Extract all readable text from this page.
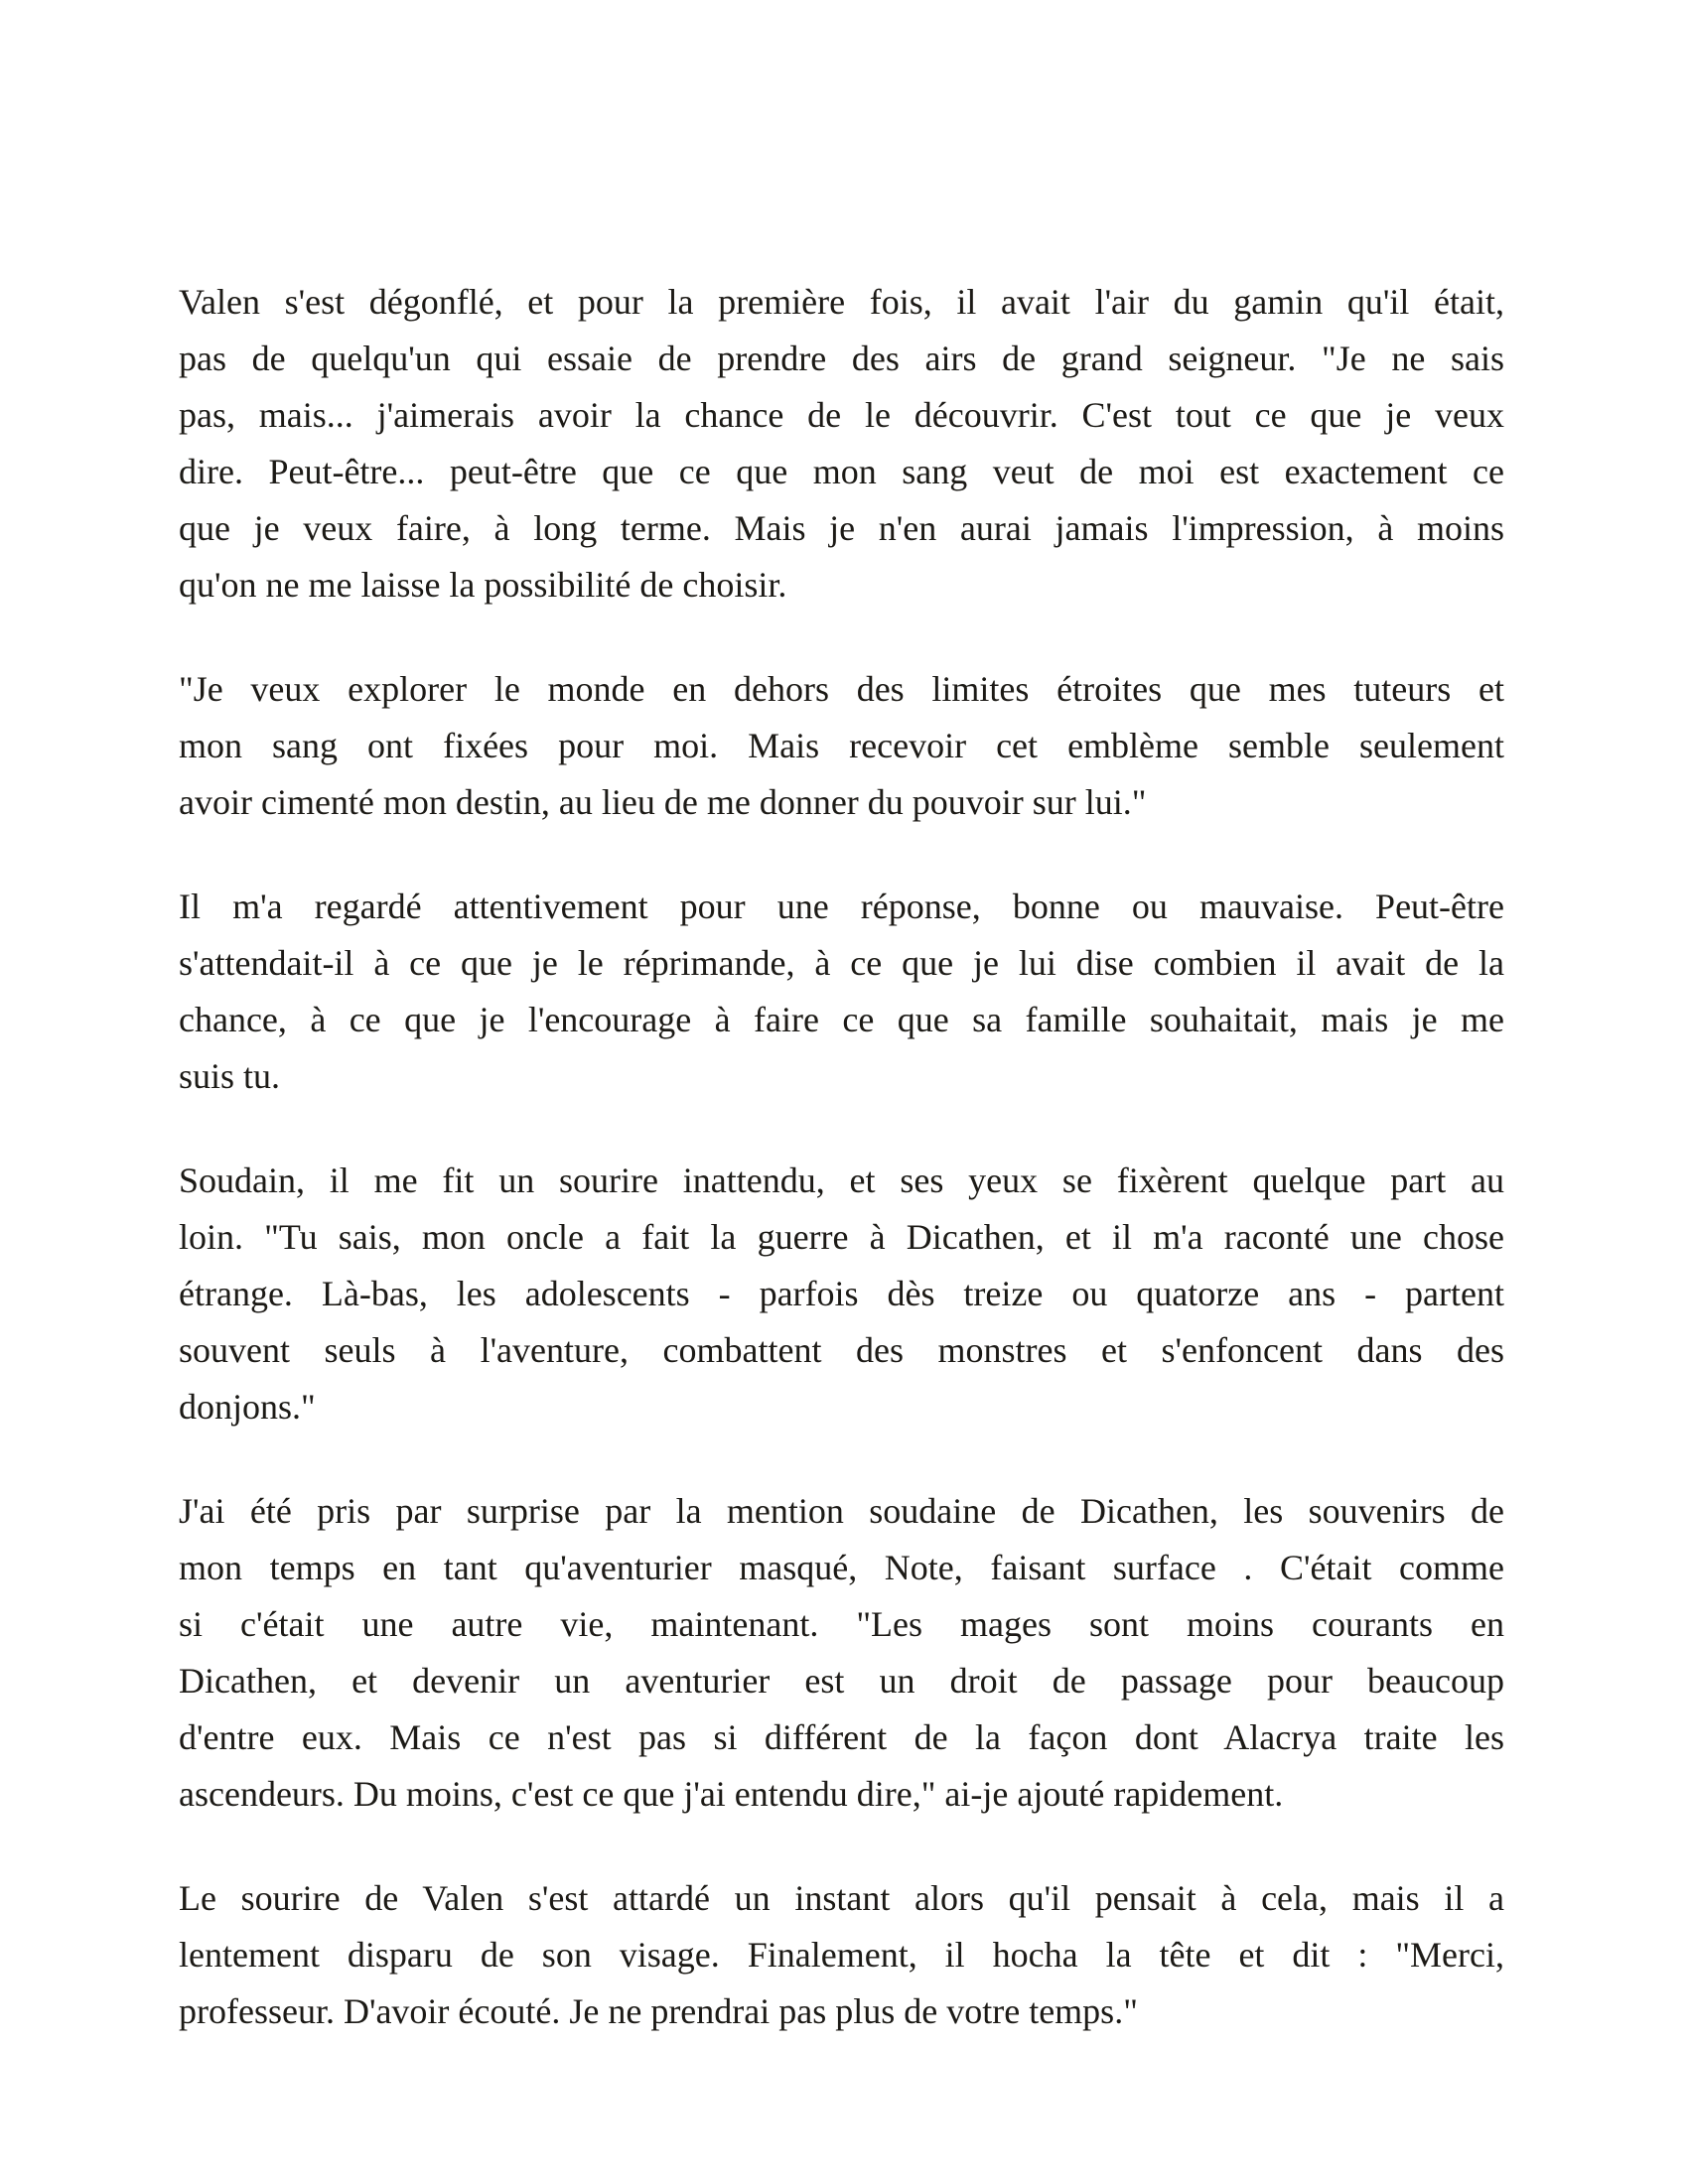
Valen s'est dégonflé, et pour la première fois, il avait l'air du gamin qu'il était,
pas de quelqu'un qui essaie de prendre des airs de grand seigneur. "Je ne sais
pas, mais... j'aimerais avoir la chance de le découvrir. C'est tout ce que je veux
dire. Peut-être... peut-être que ce que mon sang veut de moi est exactement ce
que je veux faire, à long terme. Mais je n'en aurai jamais l'impression, à moins
qu'on ne me laisse la possibilité de choisir.
"Je veux explorer le monde en dehors des limites étroites que mes tuteurs et
mon sang ont fixées pour moi. Mais recevoir cet emblème semble seulement
avoir cimenté mon destin, au lieu de me donner du pouvoir sur lui."
Il m'a regardé attentivement pour une réponse, bonne ou mauvaise. Peut-être
s'attendait-il à ce que je le réprimande, à ce que je lui dise combien il avait de la
chance, à ce que je l'encourage à faire ce que sa famille souhaitait, mais je me
suis tu.
Soudain, il me fit un sourire inattendu, et ses yeux se fixèrent quelque part au
loin. "Tu sais, mon oncle a fait la guerre à Dicathen, et il m'a raconté une chose
étrange. Là-bas, les adolescents - parfois dès treize ou quatorze ans - partent
souvent seuls à l'aventure, combattent des monstres et s'enfoncent dans des
donjons."
J'ai été pris par surprise par la mention soudaine de Dicathen, les souvenirs de
mon temps en tant qu'aventurier masqué, Note, faisant surface . C'était comme
si c'était une autre vie, maintenant. "Les mages sont moins courants en
Dicathen, et devenir un aventurier est un droit de passage pour beaucoup
d'entre eux. Mais ce n'est pas si différent de la façon dont Alacrya traite les
ascendeurs. Du moins, c'est ce que j'ai entendu dire," ai-je ajouté rapidement.
Le sourire de Valen s'est attardé un instant alors qu'il pensait à cela, mais il a
lentement disparu de son visage. Finalement, il hocha la tête et dit : "Merci,
professeur. D'avoir écouté. Je ne prendrai pas plus de votre temps."
